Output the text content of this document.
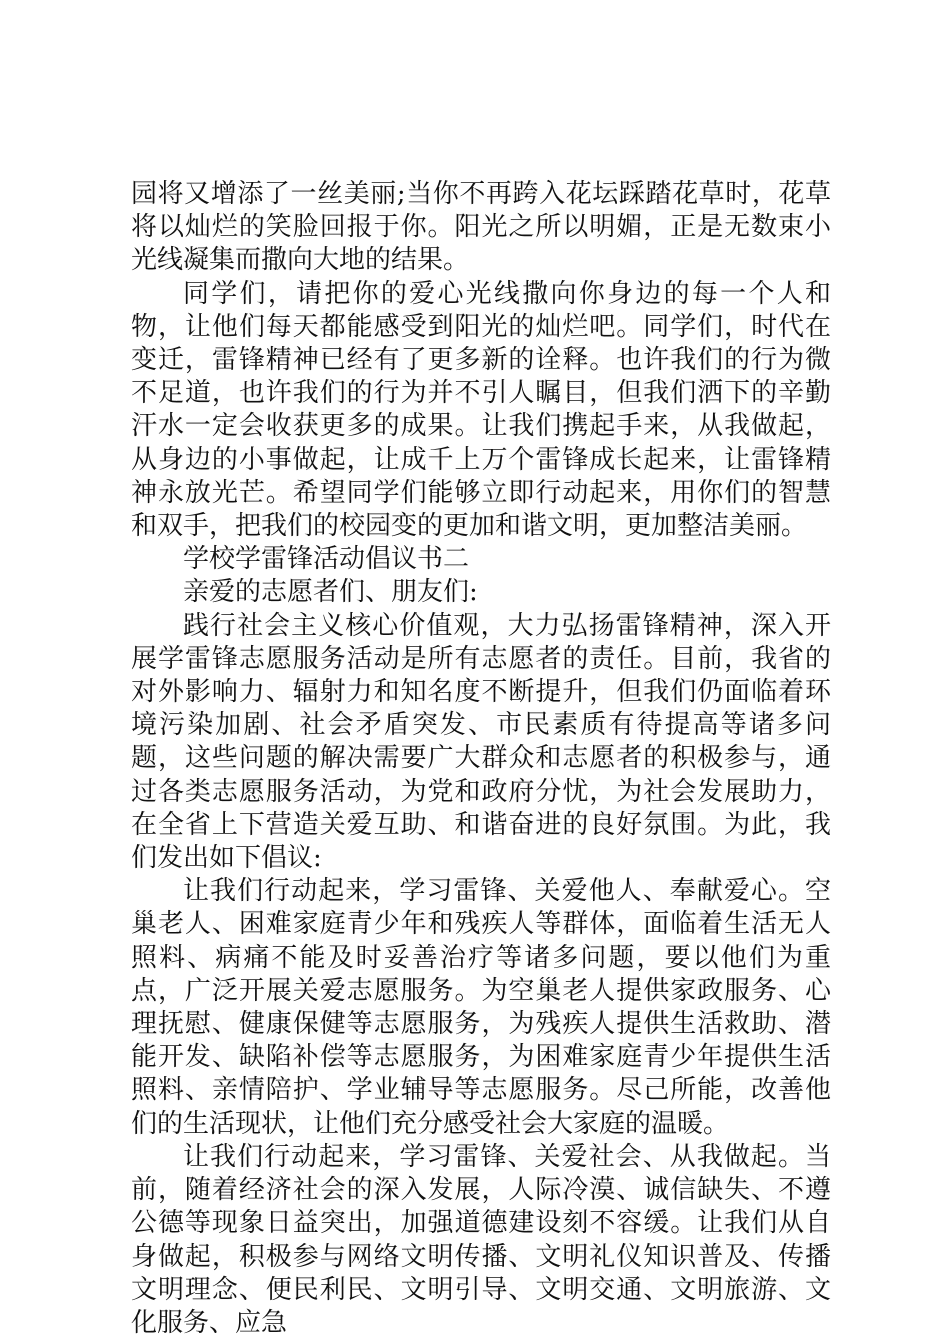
园将又增添了一丝美丽;当你不再跨入花坛踩踏花草时，花草将以灿烂的笑脸回报于你。阳光之所以明媚，正是无数束小光线凝集而撒向大地的结果。

同学们，请把你的爱心光线撒向你身边的每一个人和物，让他们每天都能感受到阳光的灿烂吧。同学们，时代在变迁，雷锋精神已经有了更多新的诠释。也许我们的行为微不足道，也许我们的行为并不引人瞩目，但我们洒下的辛勤汗水一定会收获更多的成果。让我们携起手来，从我做起，从身边的小事做起，让成千上万个雷锋成长起来，让雷锋精神永放光芒。希望同学们能够立即行动起来，用你们的智慧和双手，把我们的校园变的更加和谐文明，更加整洁美丽。

学校学雷锋活动倡议书二

亲爱的志愿者们、朋友们:

践行社会主义核心价值观，大力弘扬雷锋精神，深入开展学雷锋志愿服务活动是所有志愿者的责任。目前，我省的对外影响力、辐射力和知名度不断提升，但我们仍面临着环境污染加剧、社会矛盾突发、市民素质有待提高等诸多问题，这些问题的解决需要广大群众和志愿者的积极参与，通过各类志愿服务活动，为党和政府分忧，为社会发展助力，在全省上下营造关爱互助、和谐奋进的良好氛围。为此，我们发出如下倡议:

让我们行动起来，学习雷锋、关爱他人、奉献爱心。空巢老人、困难家庭青少年和残疾人等群体，面临着生活无人照料、病痛不能及时妥善治疗等诸多问题，要以他们为重点，广泛开展关爱志愿服务。为空巢老人提供家政服务、心理抚慰、健康保健等志愿服务，为残疾人提供生活救助、潜能开发、缺陷补偿等志愿服务，为困难家庭青少年提供生活照料、亲情陪护、学业辅导等志愿服务。尽己所能，改善他们的生活现状，让他们充分感受社会大家庭的温暖。

让我们行动起来，学习雷锋、关爱社会、从我做起。当前，随着经济社会的深入发展，人际冷漠、诚信缺失、不遵公德等现象日益突出，加强道德建设刻不容缓。让我们从自身做起，积极参与网络文明传播、文明礼仪知识普及、传播文明理念、便民利民、文明引导、文明交通、文明旅游、文化服务、应急
